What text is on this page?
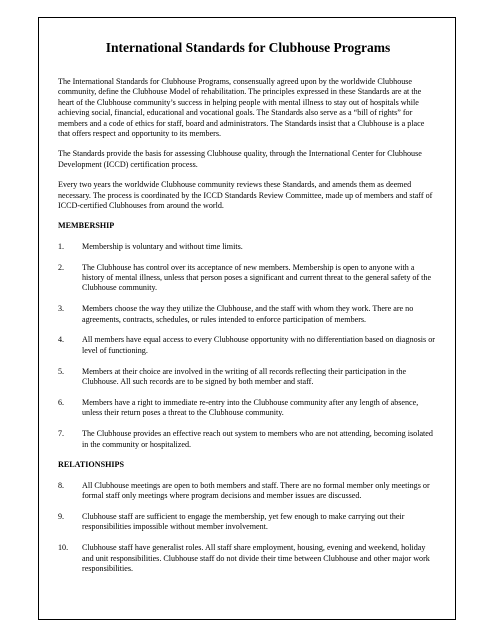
International Standards for Clubhouse Programs

The International Standards for Clubhouse Programs, consensually agreed upon by the worldwide Clubhouse community, define the Clubhouse Model of rehabilitation. The principles expressed in these Standards are at the heart of the Clubhouse community’s success in helping people with mental illness to stay out of hospitals while achieving social, financial, educational and vocational goals. The Standards also serve as a “bill of rights” for members and a code of ethics for staff, board and administrators. The Standards insist that a Clubhouse is a place that offers respect and opportunity to its members.

The Standards provide the basis for assessing Clubhouse quality, through the International Center for Clubhouse Development (ICCD) certification process.

Every two years the worldwide Clubhouse community reviews these Standards, and amends them as deemed necessary. The process is coordinated by the ICCD Standards Review Committee, made up of members and staff of ICCD-certified Clubhouses from around the world.

MEMBERSHIP
1.	Membership is voluntary and without time limits.
2.	The Clubhouse has control over its acceptance of new members. Membership is open to anyone with a history of mental illness, unless that person poses a significant and current threat to the general safety of the Clubhouse community.
3.	Members choose the way they utilize the Clubhouse, and the staff with whom they work. There are no agreements, contracts, schedules, or rules intended to enforce participation of members.
4.	All members have equal access to every Clubhouse opportunity with no differentiation based on diagnosis or level of functioning.
5.	Members at their choice are involved in the writing of all records reflecting their participation in the Clubhouse. All such records are to be signed by both member and staff.
6.	Members have a right to immediate re-entry into the Clubhouse community after any length of absence, unless their return poses a threat to the Clubhouse community.
7.	The Clubhouse provides an effective reach out system to members who are not attending, becoming isolated in the community or hospitalized.
RELATIONSHIPS
8.	All Clubhouse meetings are open to both members and staff. There are no formal member only meetings or formal staff only meetings where program decisions and member issues are discussed.
9.	Clubhouse staff are sufficient to engage the membership, yet few enough to make carrying out their responsibilities impossible without member involvement.
10.	Clubhouse staff have generalist roles. All staff share employment, housing, evening and weekend, holiday and unit responsibilities. Clubhouse staff do not divide their time between Clubhouse and other major work responsibilities.
